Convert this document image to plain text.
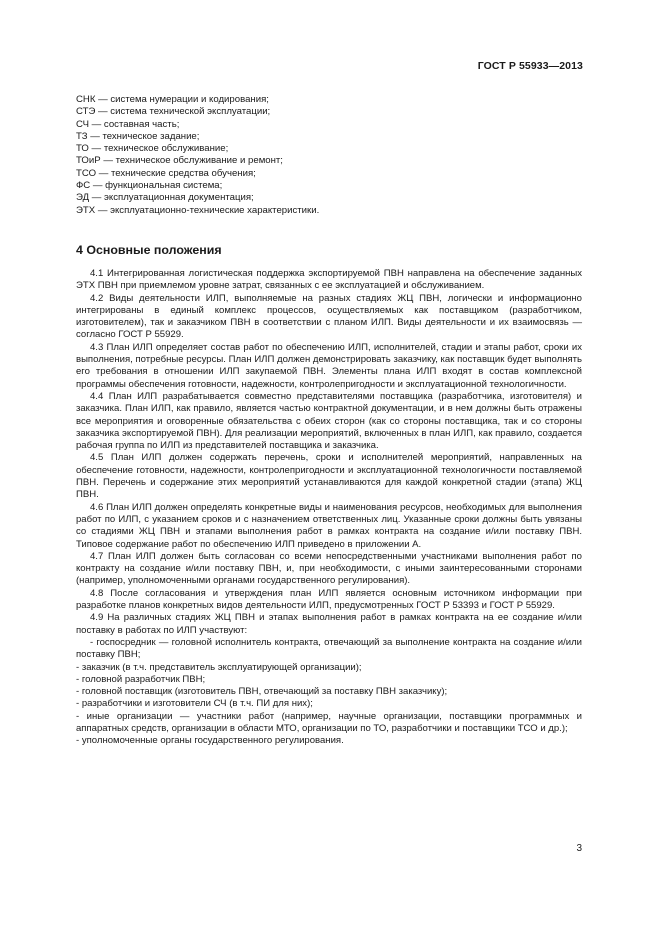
ГОСТ Р 55933—2013
СНК — система нумерации и кодирования;
СТЭ — система технической эксплуатации;
СЧ — составная часть;
ТЗ — техническое задание;
ТО — техническое обслуживание;
ТОиР — техническое обслуживание и ремонт;
ТСО — технические средства обучения;
ФС — функциональная система;
ЭД — эксплуатационная документация;
ЭТХ — эксплуатационно-технические характеристики.
4 Основные положения

4.1 Интегрированная логистическая поддержка экспортируемой ПВН направлена на обеспечение заданных ЭТХ ПВН при приемлемом уровне затрат, связанных с ее эксплуатацией и обслуживанием.

4.2 Виды деятельности ИЛП, выполняемые на разных стадиях ЖЦ ПВН, логически и информационно интегрированы в единый комплекс процессов, осуществляемых как поставщиком (разработчиком, изготовителем), так и заказчиком ПВН в соответствии с планом ИЛП. Виды деятельности и их взаимосвязь — согласно ГОСТ Р 55929.

4.3 План ИЛП определяет состав работ по обеспечению ИЛП, исполнителей, стадии и этапы работ, сроки их выполнения, потребные ресурсы. План ИЛП должен демонстрировать заказчику, как поставщик будет выполнять его требования в отношении ИЛП закупаемой ПВН. Элементы плана ИЛП входят в состав комплексной программы обеспечения готовности, надежности, контролепригодности и эксплуатационной технологичности.

4.4 План ИЛП разрабатывается совместно представителями поставщика (разработчика, изготовителя) и заказчика. План ИЛП, как правило, является частью контрактной документации, и в нем должны быть отражены все мероприятия и оговоренные обязательства с обеих сторон (как со стороны поставщика, так и со стороны заказчика экспортируемой ПВН). Для реализации мероприятий, включенных в план ИЛП, как правило, создается рабочая группа по ИЛП из представителей поставщика и заказчика.

4.5 План ИЛП должен содержать перечень, сроки и исполнителей мероприятий, направленных на обеспечение готовности, надежности, контролепригодности и эксплуатационной технологичности поставляемой ПВН. Перечень и содержание этих мероприятий устанавливаются для каждой конкретной стадии (этапа) ЖЦ ПВН.

4.6 План ИЛП должен определять конкретные виды и наименования ресурсов, необходимых для выполнения работ по ИЛП, с указанием сроков и с назначением ответственных лиц. Указанные сроки должны быть увязаны со стадиями ЖЦ ПВН и этапами выполнения работ в рамках контракта на создание и/или поставку ПВН. Типовое содержание работ по обеспечению ИЛП приведено в приложении А.

4.7 План ИЛП должен быть согласован со всеми непосредственными участниками выполнения работ по контракту на создание и/или поставку ПВН, и, при необходимости, с иными заинтересованными сторонами (например, уполномоченными органами государственного регулирования).

4.8 После согласования и утверждения план ИЛП является основным источником информации при разработке планов конкретных видов деятельности ИЛП, предусмотренных ГОСТ Р 53393 и ГОСТ Р 55929.

4.9 На различных стадиях ЖЦ ПВН и этапах выполнения работ в рамках контракта на ее создание и/или поставку в работах по ИЛП участвуют:

- госпосредник — головной исполнитель контракта, отвечающий за выполнение контракта на создание и/или поставку ПВН;
- заказчик (в т.ч. представитель эксплуатирующей организации);
- головной разработчик ПВН;
- головной поставщик (изготовитель ПВН, отвечающий за поставку ПВН заказчику);
- разработчики и изготовители СЧ (в т.ч. ПИ для них);
- иные организации — участники работ (например, научные организации, поставщики программных и аппаратных средств, организации в области МТО, организации по ТО, разработчики и поставщики ТСО и др.);
- уполномоченные органы государственного регулирования.
3
